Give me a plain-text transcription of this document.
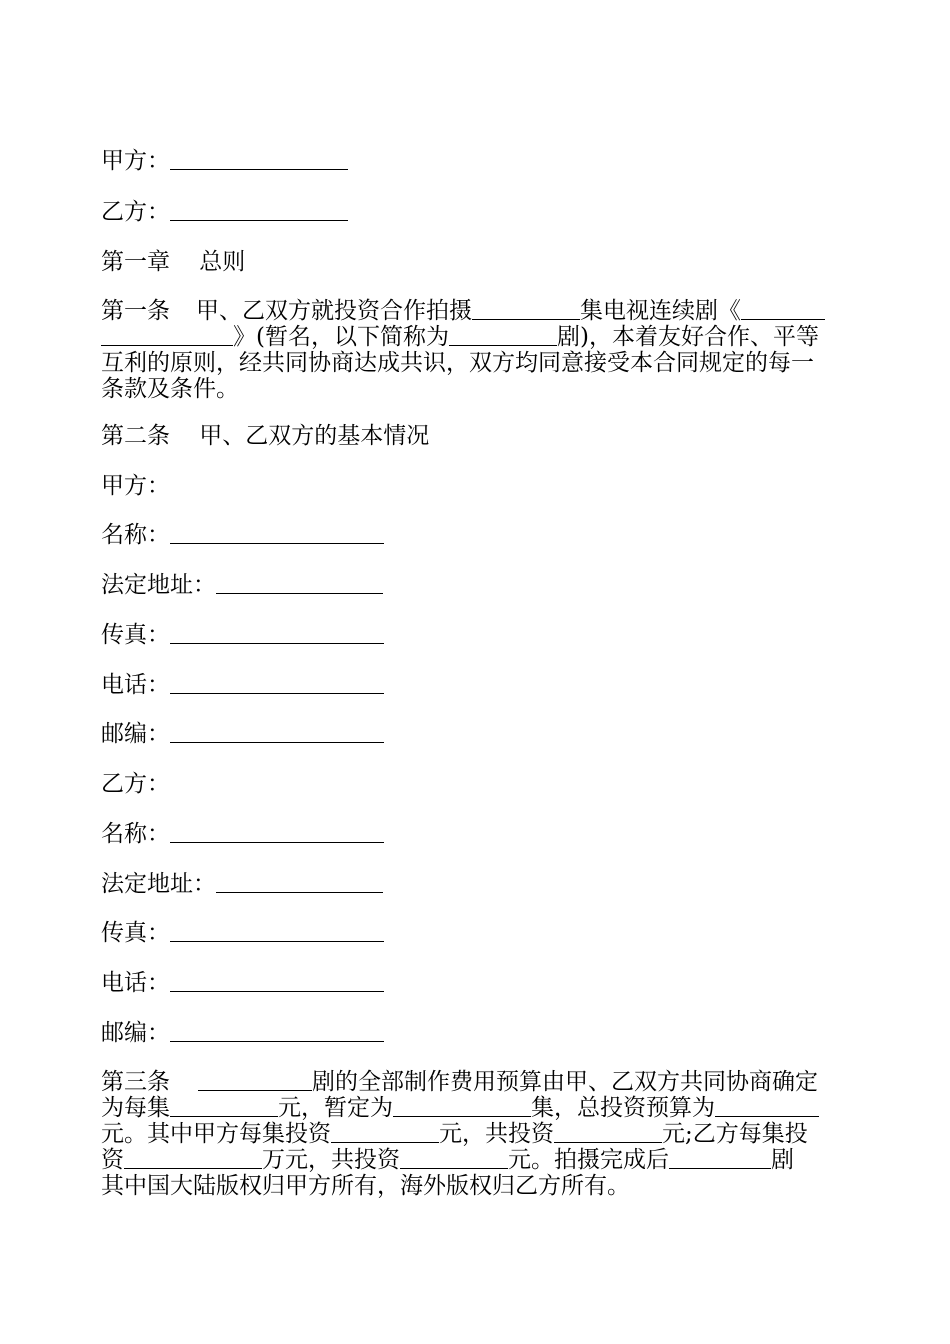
甲方：
乙方：
第一章    总则
第一条 甲、乙双方就投资合作拍摄	集电视连续剧《
》(暂名，以下简称为	剧)，本着友好合作、平等
互利的原则，经共同协商达成共识，双方均同意接受本合同规定的每一
条款及条件。
第二条    甲、乙双方的基本情况
甲方：
名称：
法定地址：
传真：
电话：
邮编：
乙方：
名称：
法定地址：
传真：
电话：
邮编：
第三条	剧的全部制作费用预算由甲、乙双方共同协商确定
为每集	元，暂定为	集，总投资预算为
元。其中甲方每集投资	元，共投资	元;乙方每集投
资	万元，共投资	元。拍摄完成后	剧
其中国大陆版权归甲方所有，海外版权归乙方所有。
